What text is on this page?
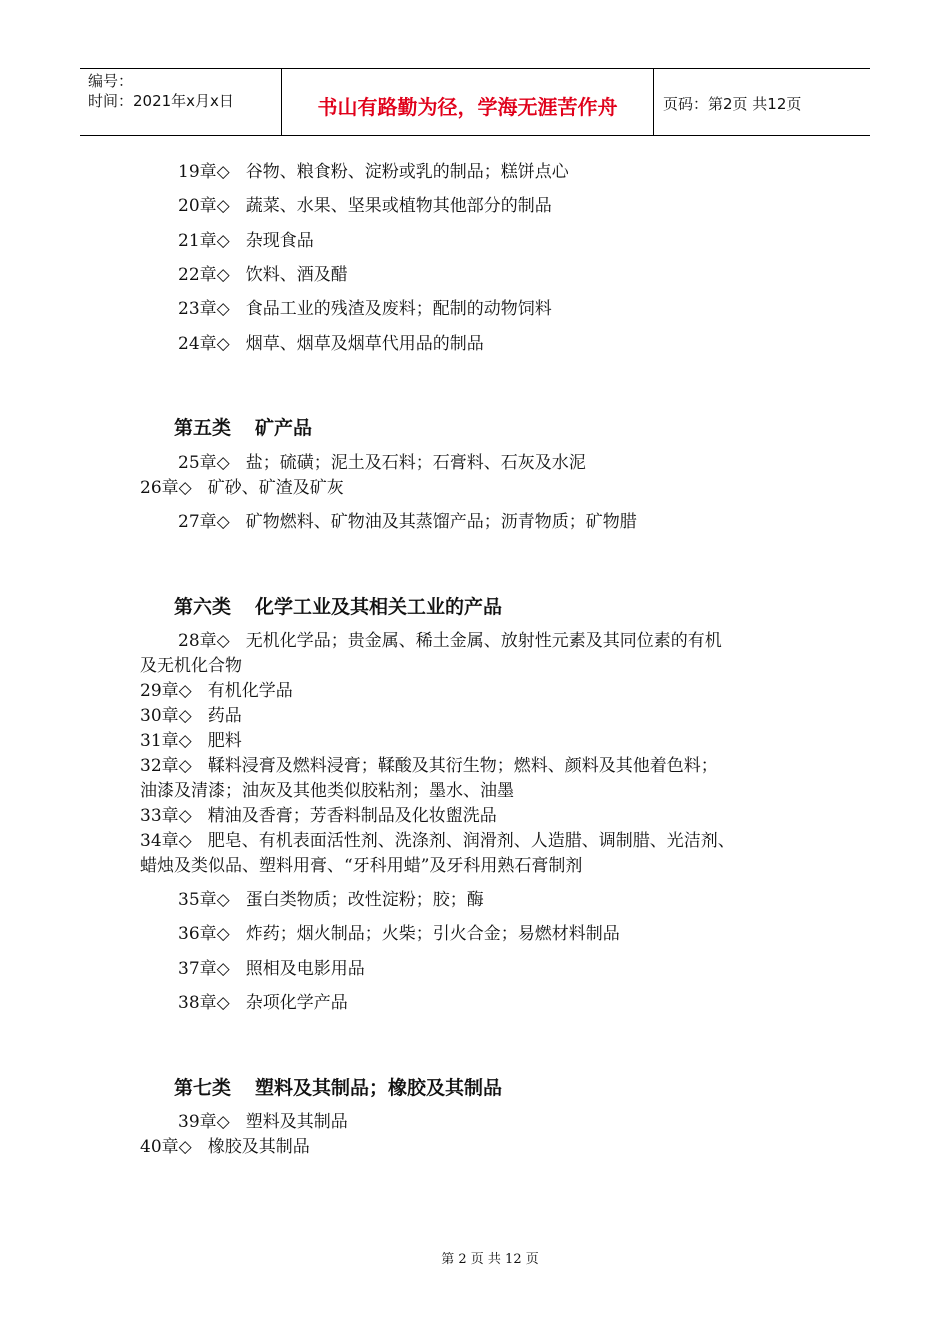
编号：
时间：2021年x月x日	书山有路勤为径，学海无涯苦作舟	页码：第2页 共12页
19章◇ 谷物、粮食粉、淀粉或乳的制品；糕饼点心
20章◇ 蔬菜、水果、坚果或植物其他部分的制品
21章◇ 杂现食品
22章◇ 饮料、酒及醋
23章◇ 食品工业的残渣及废料；配制的动物饲料
24章◇ 烟草、烟草及烟草代用品的制品
第五类 矿产品
25章◇ 盐；硫磺；泥土及石料；石膏料、石灰及水泥
26章◇ 矿砂、矿渣及矿灰
27章◇ 矿物燃料、矿物油及其蒸馏产品；沥青物质；矿物腊
第六类 化学工业及其相关工业的产品
28章◇ 无机化学品；贵金属、稀土金属、放射性元素及其同位素的有机
及无机化合物
29章◇ 有机化学品
30章◇ 药品
31章◇ 肥料
32章◇ 鞣料浸膏及燃料浸膏；鞣酸及其衍生物；燃料、颜料及其他着色料；
油漆及清漆；油灰及其他类似胶粘剂；墨水、油墨
33章◇ 精油及香膏；芳香料制品及化妆盥洗品
34章◇ 肥皂、有机表面活性剂、洗涤剂、润滑剂、人造腊、调制腊、光洁剂、
蜡烛及类似品、塑料用膏、“牙科用蜡”及牙科用熟石膏制剂
35章◇ 蛋白类物质；改性淀粉；胶；酶
36章◇ 炸药；烟火制品；火柴；引火合金；易燃材料制品
37章◇ 照相及电影用品
38章◇ 杂项化学产品
第七类 塑料及其制品；橡胶及其制品
39章◇ 塑料及其制品
40章◇ 橡胶及其制品
第 2 页 共 12 页
